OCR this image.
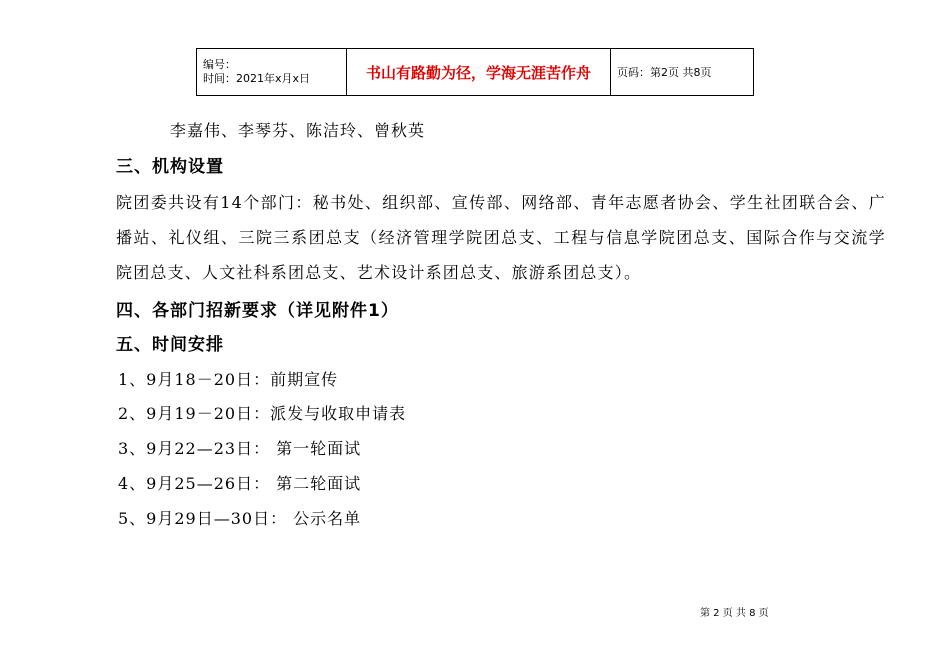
编号：
时间：2021年x月x日	书山有路勤为径，学海无涯苦作舟	页码：第2页 共8页
李嘉伟、李琴芬、陈洁玲、曾秋英
三、机构设置
院团委共设有14个部门：秘书处、组织部、宣传部、网络部、青年志愿者协会、学生社团联合会、广播站、礼仪组、三院三系团总支（经济管理学院团总支、工程与信息学院团总支、国际合作与交流学院团总支、人文社科系团总支、艺术设计系团总支、旅游系团总支）。
四、各部门招新要求（详见附件1）
五、时间安排
1、9月18－20日：前期宣传
2、9月19－20日：派发与收取申请表
3、9月22—23日： 第一轮面试
4、9月25—26日： 第二轮面试
5、9月29日—30日： 公示名单
第 2 页 共 8 页
